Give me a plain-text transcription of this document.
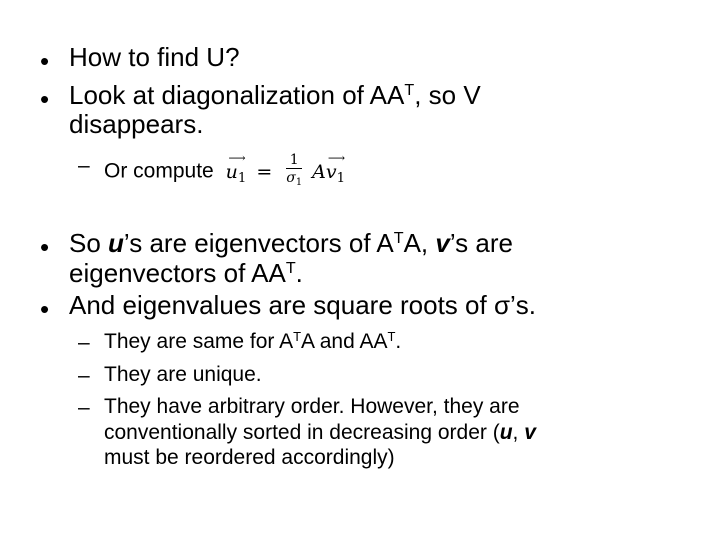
• How to find U?
• Look at diagonalization of $AA^T$, so V
disappears.
– Or compute
⟶
$u_1 = \frac{1}{\sigma_1}$ A
⟶
$v_1$
• So u’s are eigenvectors of $A^TA$, v’s are
eigenvectors of $AA^T$.
• And eigenvalues are square roots of σ’s.
– They are same for $A^TA$ and $AA^T$.
– They are unique.
– They have arbitrary order. However, they are
conventionally sorted in decreasing order (u, v
must be reordered accordingly)
